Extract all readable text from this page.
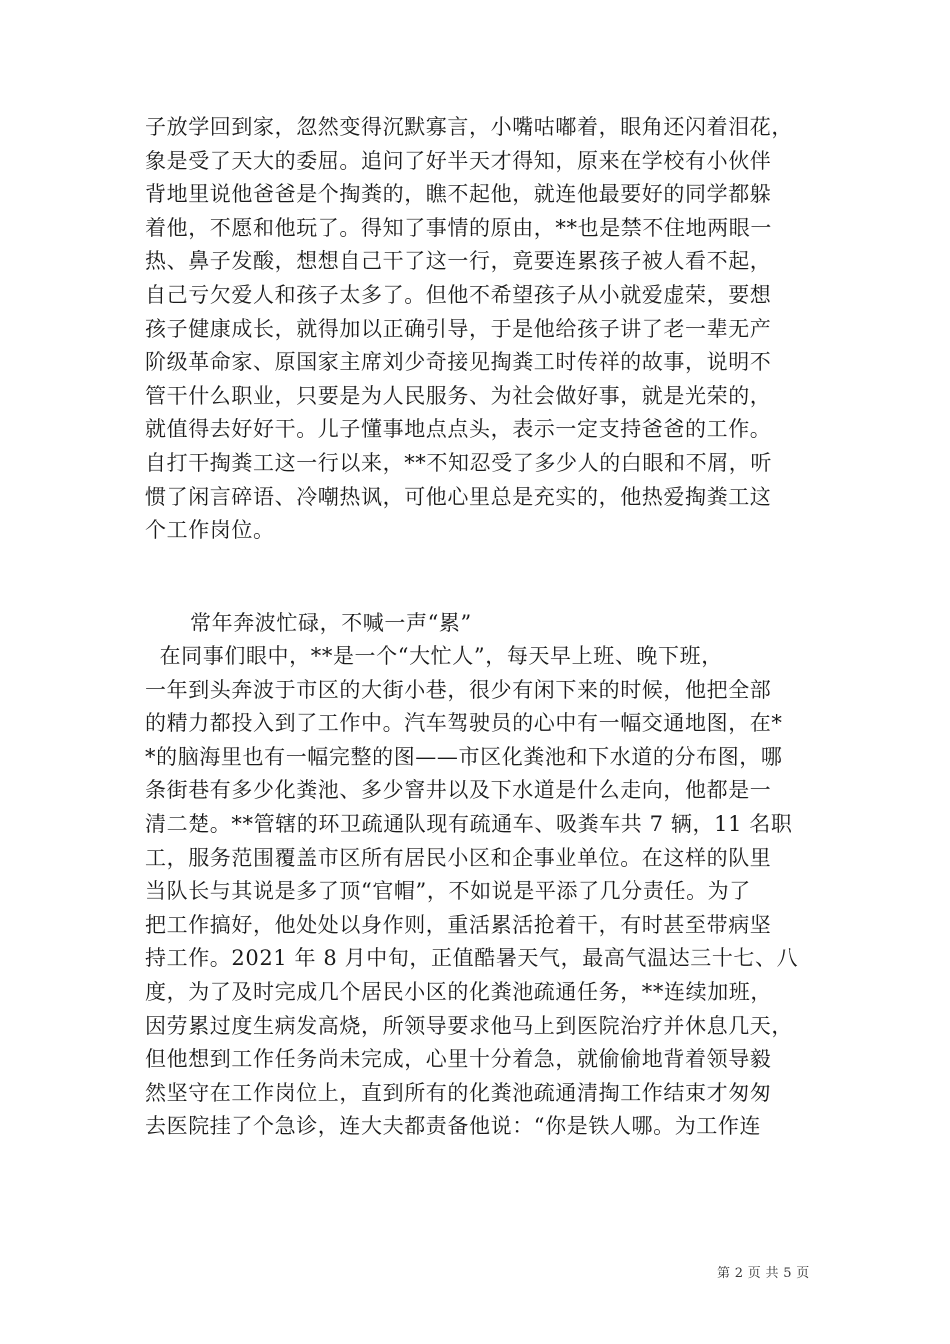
子放学回到家，忽然变得沉默寡言，小嘴咕嘟着，眼角还闪着泪花，
象是受了天大的委屈。追问了好半天才得知，原来在学校有小伙伴
背地里说他爸爸是个掏粪的，瞧不起他，就连他最要好的同学都躲
着他，不愿和他玩了。得知了事情的原由，**也是禁不住地两眼一
热、鼻子发酸，想想自己干了这一行，竟要连累孩子被人看不起，
自己亏欠爱人和孩子太多了。但他不希望孩子从小就爱虚荣，要想
孩子健康成长，就得加以正确引导，于是他给孩子讲了老一辈无产
阶级革命家、原国家主席刘少奇接见掏粪工时传祥的故事，说明不
管干什么职业，只要是为人民服务、为社会做好事，就是光荣的，
就值得去好好干。儿子懂事地点点头，表示一定支持爸爸的工作。
自打干掏粪工这一行以来，**不知忍受了多少人的白眼和不屑，听
惯了闲言碎语、冷嘲热讽，可他心里总是充实的，他热爱掏粪工这
个工作岗位。
常年奔波忙碌，不喊一声“累”
在同事们眼中，**是一个“大忙人”，每天早上班、晚下班，
一年到头奔波于市区的大街小巷，很少有闲下来的时候，他把全部
的精力都投入到了工作中。汽车驾驶员的心中有一幅交通地图，在*
*的脑海里也有一幅完整的图——市区化粪池和下水道的分布图，哪
条街巷有多少化粪池、多少窨井以及下水道是什么走向，他都是一
清二楚。**管辖的环卫疏通队现有疏通车、吸粪车共 7 辆，11 名职
工，服务范围覆盖市区所有居民小区和企事业单位。在这样的队里
当队长与其说是多了顶“官帽”，不如说是平添了几分责任。为了
把工作搞好，他处处以身作则，重活累活抢着干，有时甚至带病坚
持工作。2021 年 8 月中旬，正值酷暑天气，最高气温达三十七、八
度，为了及时完成几个居民小区的化粪池疏通任务，**连续加班，
因劳累过度生病发高烧，所领导要求他马上到医院治疗并休息几天，
但他想到工作任务尚未完成，心里十分着急，就偷偷地背着领导毅
然坚守在工作岗位上，直到所有的化粪池疏通清掏工作结束才匆匆
去医院挂了个急诊，连大夫都责备他说：“你是铁人哪。为工作连
第 2 页 共 5 页
